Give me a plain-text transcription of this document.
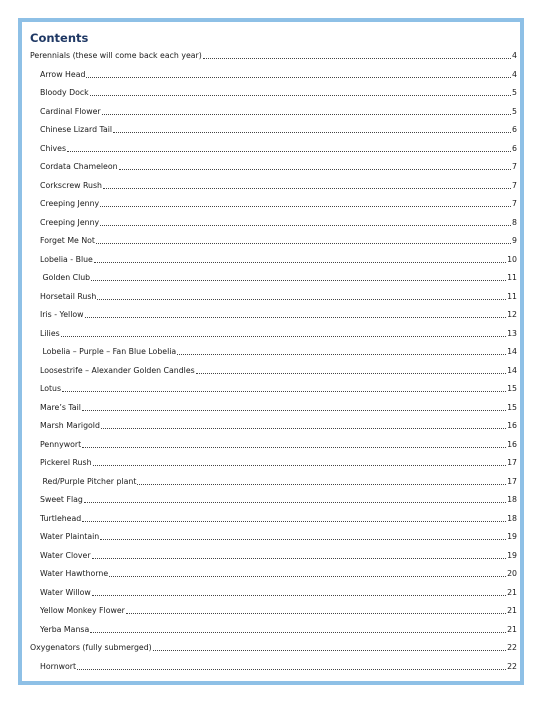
Contents
Perennials (these will come back each year)	4
Arrow Head	4
Bloody Dock	5
Cardinal Flower	5
Chinese Lizard Tail	6
Chives	6
Cordata Chameleon	7
Corkscrew Rush	7
Creeping Jenny	7
Creeping Jenny	8
Forget Me Not	9
Lobelia - Blue	10
Golden Club	11
Horsetail Rush	11
Iris - Yellow	12
Lilies	13
Lobelia – Purple – Fan Blue Lobelia	14
Loosestrife – Alexander Golden Candles	14
Lotus	15
Mare’s Tail	15
Marsh Marigold	16
Pennywort	16
Pickerel Rush	17
Red/Purple Pitcher plant	17
Sweet Flag	18
Turtlehead	18
Water Plaintain	19
Water Clover	19
Water Hawthorne	20
Water Willow	21
Yellow Monkey Flower	21
Yerba Mansa	21
Oxygenators (fully submerged)	22
Hornwort	22
